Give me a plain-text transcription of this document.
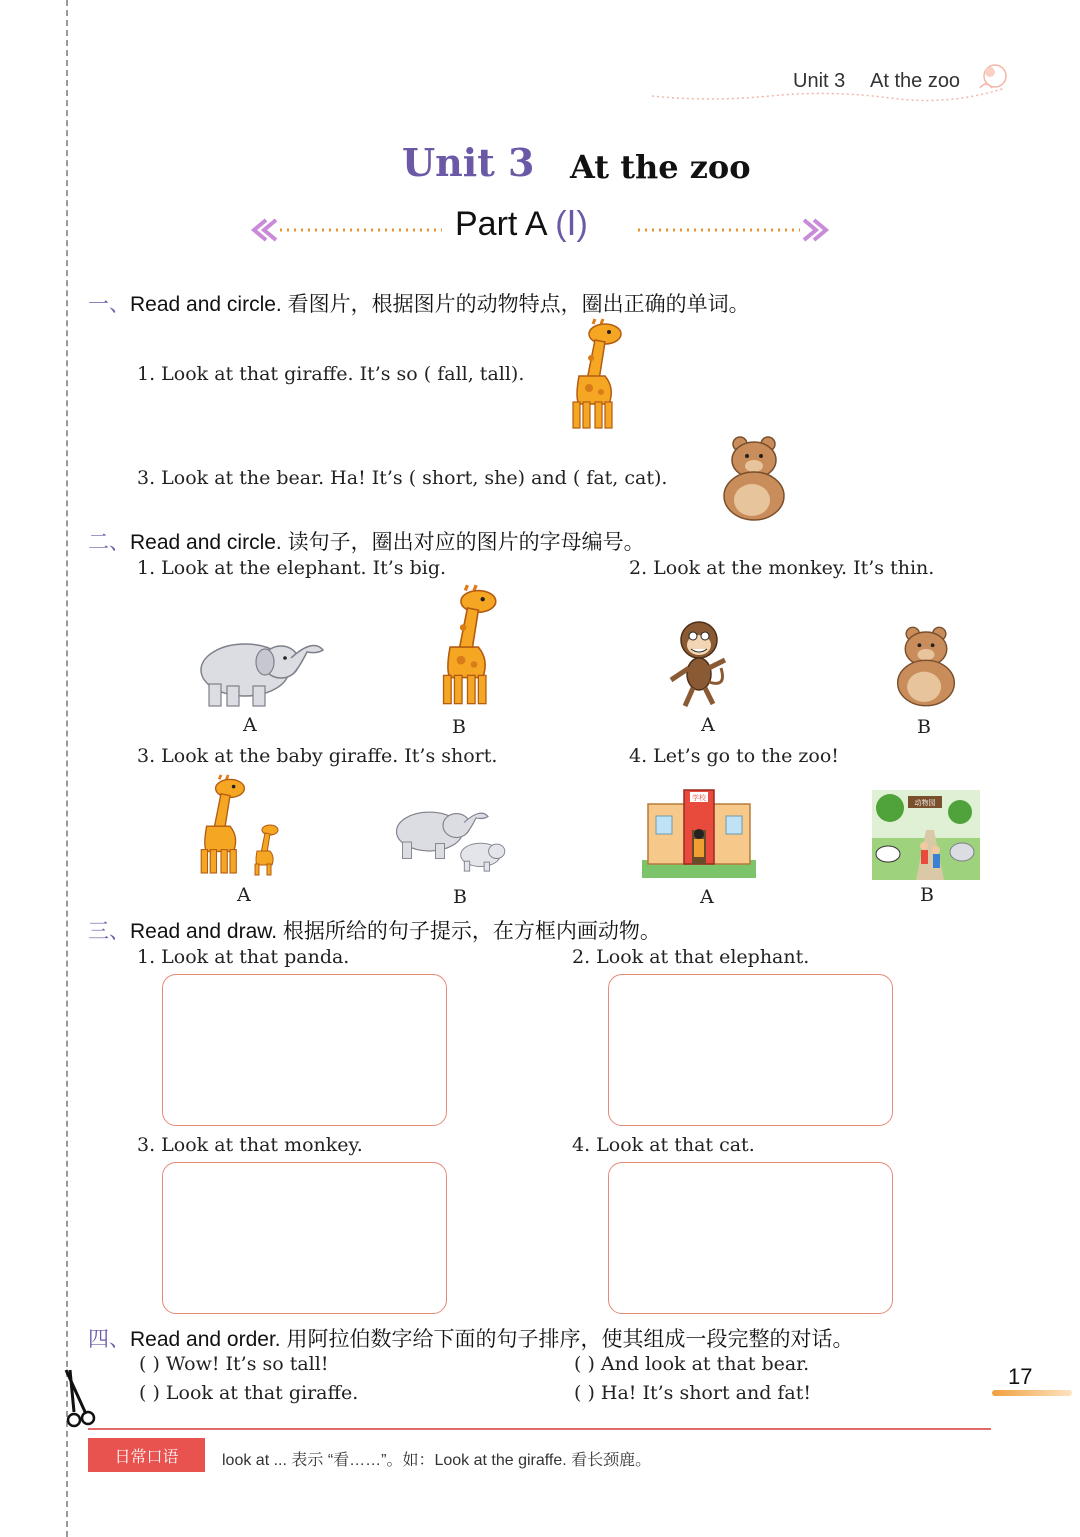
Unit 3 At the zoo
Unit 3 At the zoo
Part A (Ⅰ)
一、Read and circle. 看图片，根据图片的动物特点，圈出正确的单词。
1. Look at that giraffe. It’s so ( fall, tall).
3. Look at the bear. Ha! It’s ( short, she) and ( fat, cat).
二、Read and circle. 读句子，圈出对应的图片的字母编号。
1. Look at the elephant. It’s big.	2. Look at the monkey. It’s thin.
A	B	A	B
3. Look at the baby giraffe. It’s short.	4. Let’s go to the zoo!
A	B
学校
A
动物园
B
三、Read and draw. 根据所给的句子提示，在方框内画动物。
1. Look at that panda.	2. Look at that elephant.
3. Look at that monkey.	4. Look at that cat.
四、Read and order. 用阿拉伯数字给下面的句子排序，使其组成一段完整的对话。
( ) Wow! It’s so tall!	( ) And look at that bear.
( ) Look at that giraffe.	( ) Ha! It’s short and fat!
17
日常口语	look at ... 表示 “看……”。如：Look at the giraffe. 看长颈鹿。
